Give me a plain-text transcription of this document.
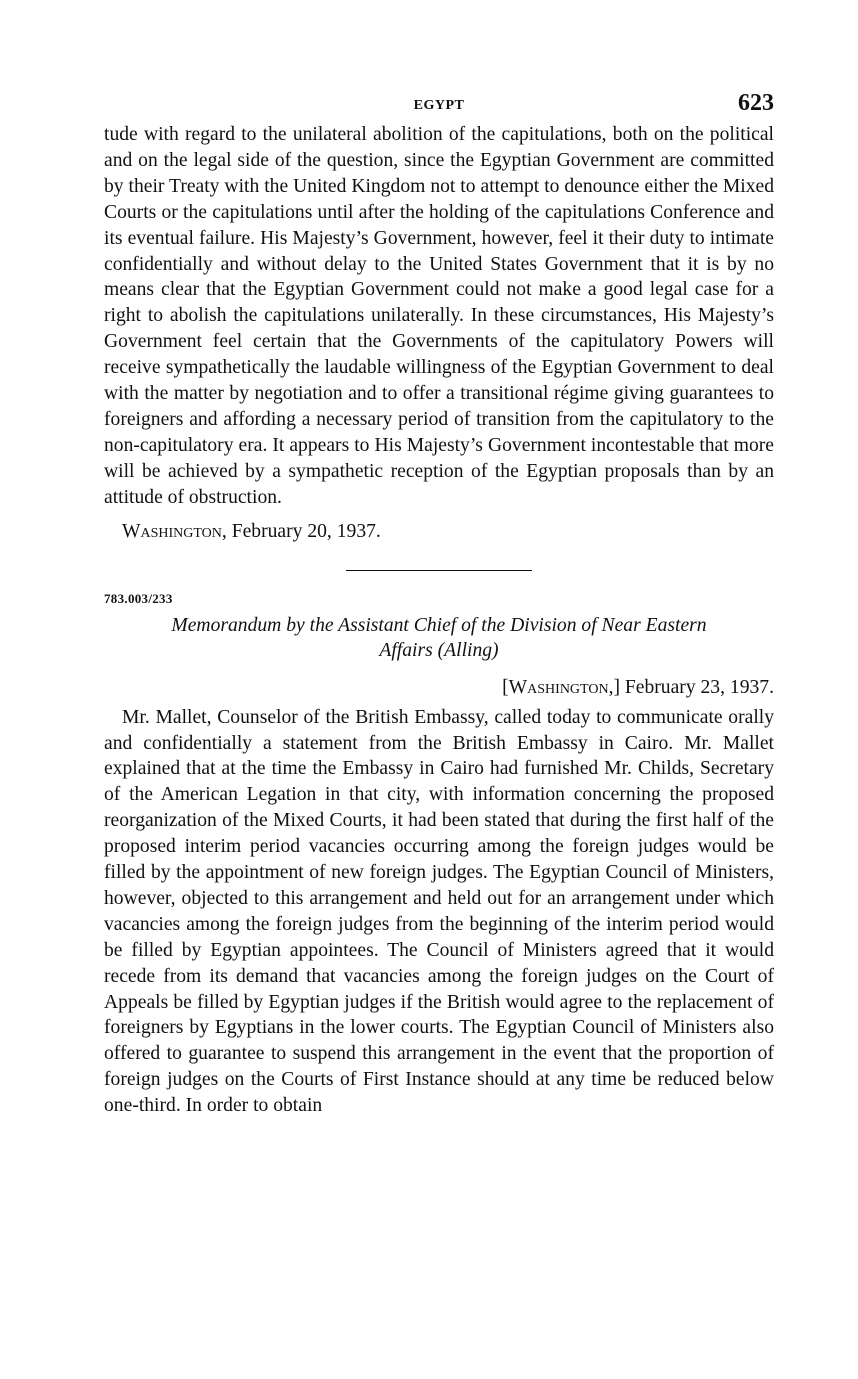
EGYPT	623

tude with regard to the unilateral abolition of the capitulations, both on the political and on the legal side of the question, since the Egyptian Government are committed by their Treaty with the United Kingdom not to attempt to denounce either the Mixed Courts or the capitulations until after the holding of the capitulations Conference and its eventual failure. His Majesty’s Government, however, feel it their duty to intimate confidentially and without delay to the United States Government that it is by no means clear that the Egyptian Government could not make a good legal case for a right to abolish the capitulations unilaterally. In these circumstances, His Majesty’s Government feel certain that the Governments of the capitulatory Powers will receive sympathetically the laudable willingness of the Egyptian Government to deal with the matter by negotiation and to offer a transitional régime giving guarantees to foreigners and affording a necessary period of transition from the capitulatory to the non-capitulatory era. It appears to His Majesty’s Government incontestable that more will be achieved by a sympathetic reception of the Egyptian proposals than by an attitude of obstruction.

Washington, February 20, 1937.
783.003/233
Memorandum by the Assistant Chief of the Division of Near Eastern
Affairs (Alling)
[Washington,] February 23, 1937.

Mr. Mallet, Counselor of the British Embassy, called today to communicate orally and confidentially a statement from the British Embassy in Cairo. Mr. Mallet explained that at the time the Embassy in Cairo had furnished Mr. Childs, Secretary of the American Legation in that city, with information concerning the proposed reorganization of the Mixed Courts, it had been stated that during the first half of the proposed interim period vacancies occurring among the foreign judges would be filled by the appointment of new foreign judges. The Egyptian Council of Ministers, however, objected to this arrangement and held out for an arrangement under which vacancies among the foreign judges from the beginning of the interim period would be filled by Egyptian appointees. The Council of Ministers agreed that it would recede from its demand that vacancies among the foreign judges on the Court of Appeals be filled by Egyptian judges if the British would agree to the replacement of foreigners by Egyptians in the lower courts. The Egyptian Council of Ministers also offered to guarantee to suspend this arrangement in the event that the proportion of foreign judges on the Courts of First Instance should at any time be reduced below one-third. In order to obtain
